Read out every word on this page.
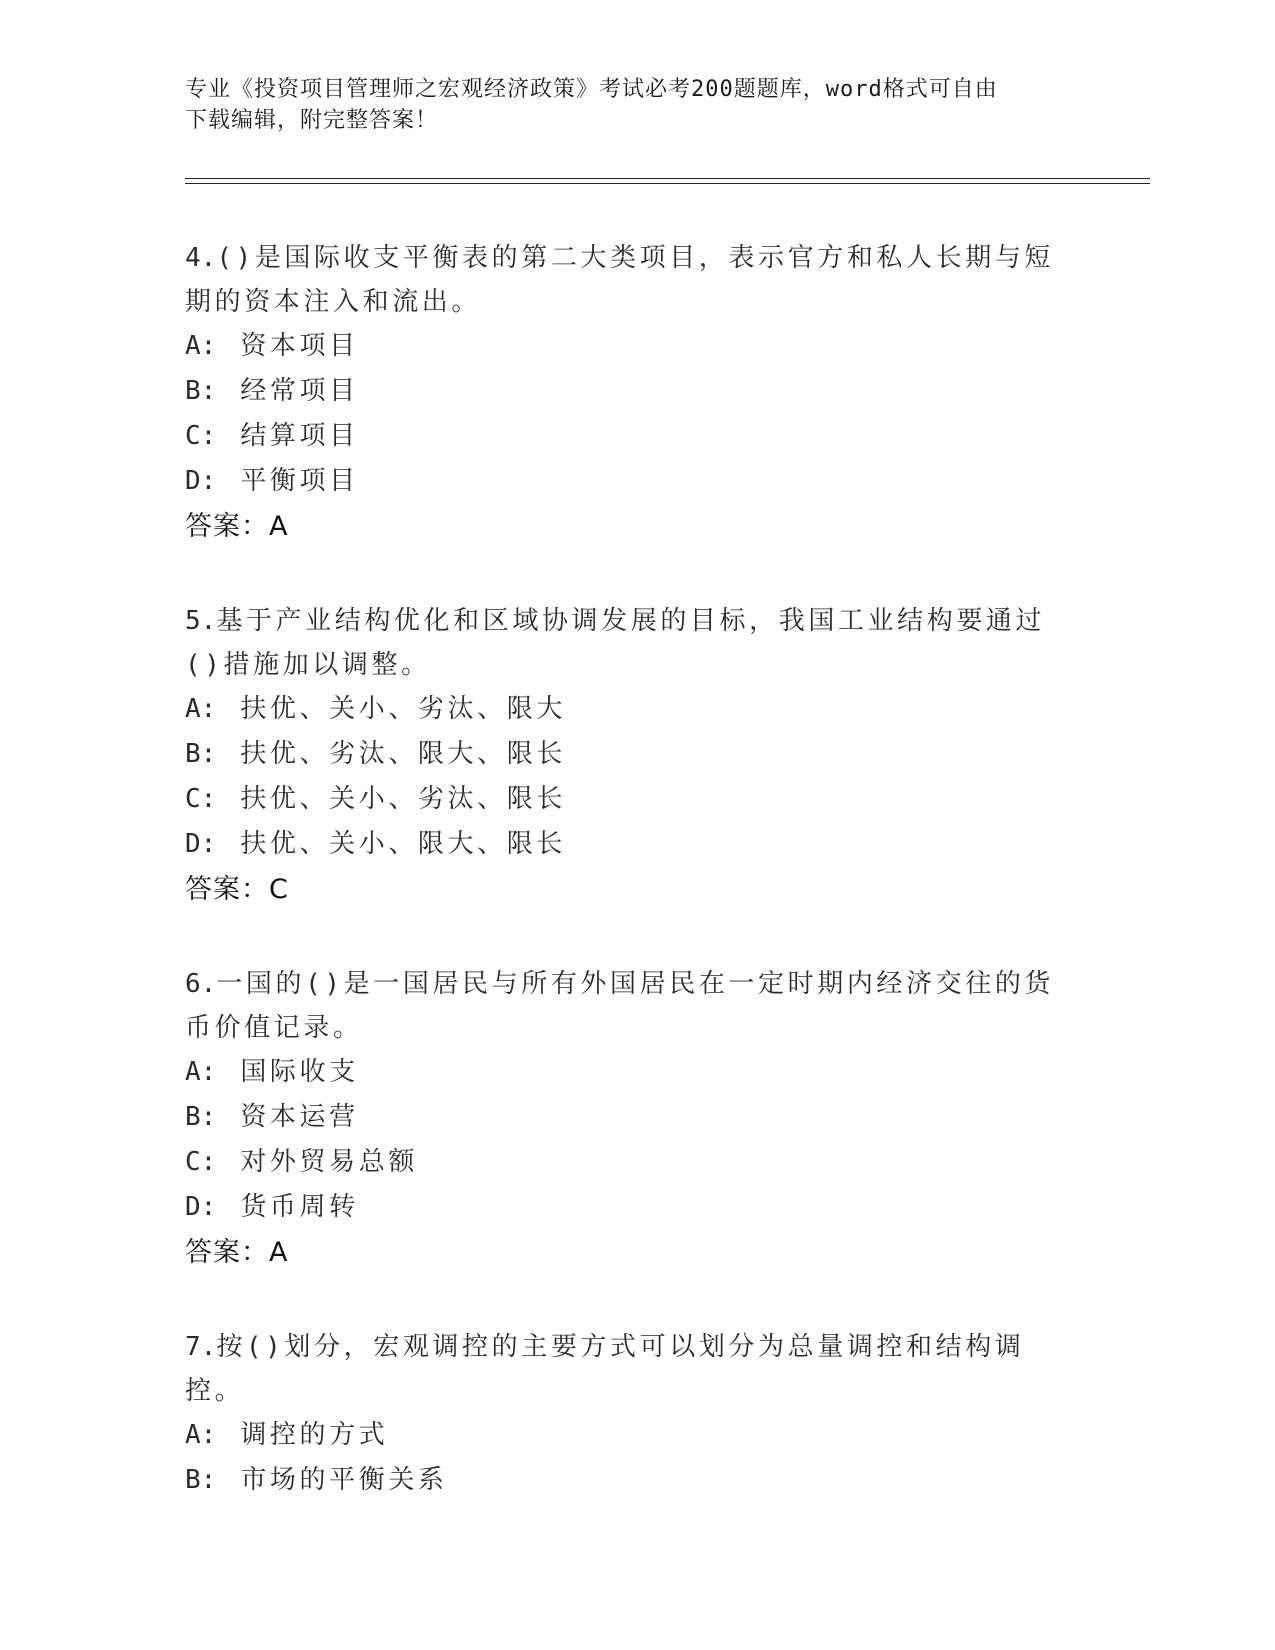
专业《投资项目管理师之宏观经济政策》考试必考200题题库，word格式可自由
下载编辑，附完整答案！
4.()是国际收支平衡表的第二大类项目，表示官方和私人长期与短期的资本注入和流出。
A: 资本项目
B: 经常项目
C: 结算项目
D: 平衡项目
答案：A
5.基于产业结构优化和区域协调发展的目标，我国工业结构要通过()措施加以调整。
A: 扶优、关小、劣汰、限大
B: 扶优、劣汰、限大、限长
C: 扶优、关小、劣汰、限长
D: 扶优、关小、限大、限长
答案：C
6.一国的()是一国居民与所有外国居民在一定时期内经济交往的货币价值记录。
A: 国际收支
B: 资本运营
C: 对外贸易总额
D: 货币周转
答案：A
7.按()划分，宏观调控的主要方式可以划分为总量调控和结构调控。
A: 调控的方式
B: 市场的平衡关系
